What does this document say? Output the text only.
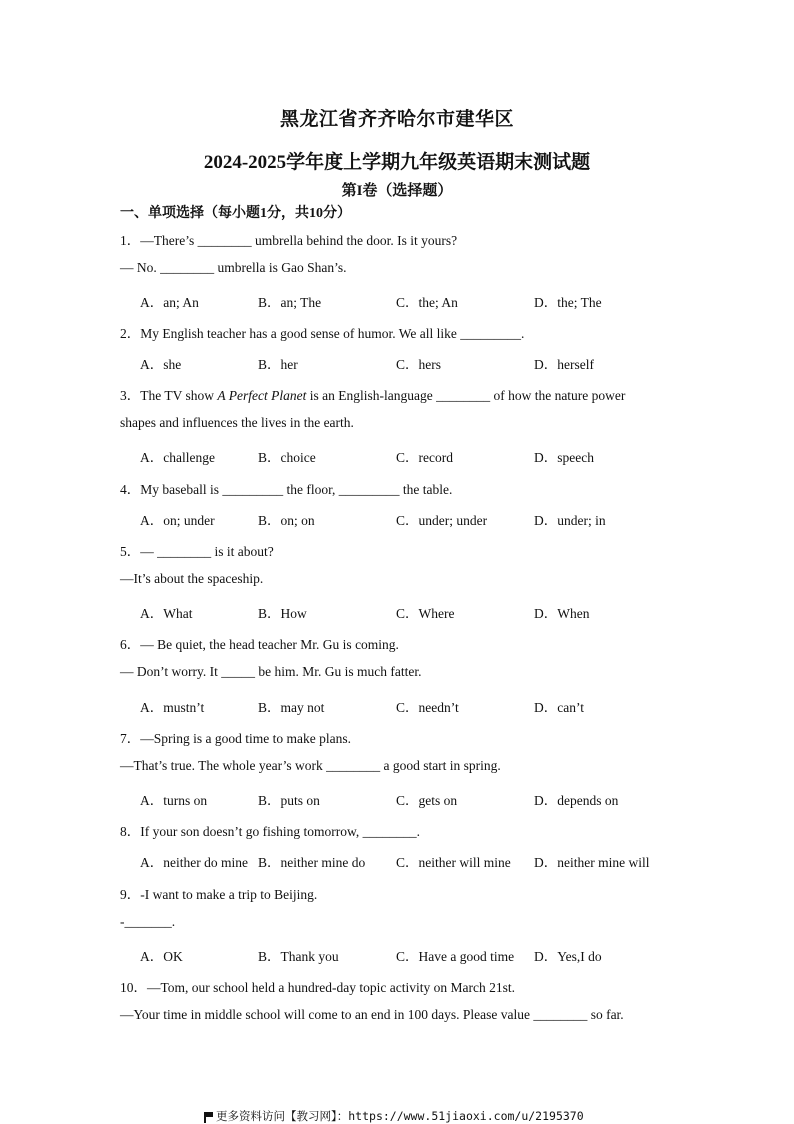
黑龙江省齐齐哈尔市建华区
2024-2025学年度上学期九年级英语期末测试题
第I卷（选择题）
一、单项选择（每小题1分，共10分）
1．—There’s ________ umbrella behind the door. Is it yours?
— No. ________ umbrella is Gao Shan’s.
A．an; An	B．an; The	C．the; An	D．the; The
2．My English teacher has a good sense of humor. We all like _________.
A．she	B．her	C．hers	D．herself
3．The TV show A Perfect Planet is an English-language ________ of how the nature power
shapes and influences the lives in the earth.
A．challenge	B．choice	C．record	D．speech
4．My baseball is _________ the floor, _________ the table.
A．on; under	B．on; on	C．under; under	D．under; in
5．— ________ is it about?
—It’s about the spaceship.
A．What	B．How	C．Where	D．When
6．— Be quiet, the head teacher Mr. Gu is coming.
— Don’t worry. It _____ be him. Mr. Gu is much fatter.
A．mustn’t	B．may not	C．needn’t	D．can’t
7．—Spring is a good time to make plans.
—That’s true. The whole year’s work ________ a good start in spring.
A．turns on	B．puts on	C．gets on	D．depends on
8．If your son doesn’t go fishing tomorrow, ________.
A．neither do mine B．neither mine do C．neither will mine D．neither mine will
9．-I want to make a trip to Beijing.
-_______.
A．OK	B．Thank you	C．Have a good time D．Yes,I do
10．—Tom, our school held a hundred-day topic activity on March 21st.
—Your time in middle school will come to an end in 100 days. Please value ________ so far.
更多资料访问【教习网】：https://www.51jiaoxi.com/u/2195370
